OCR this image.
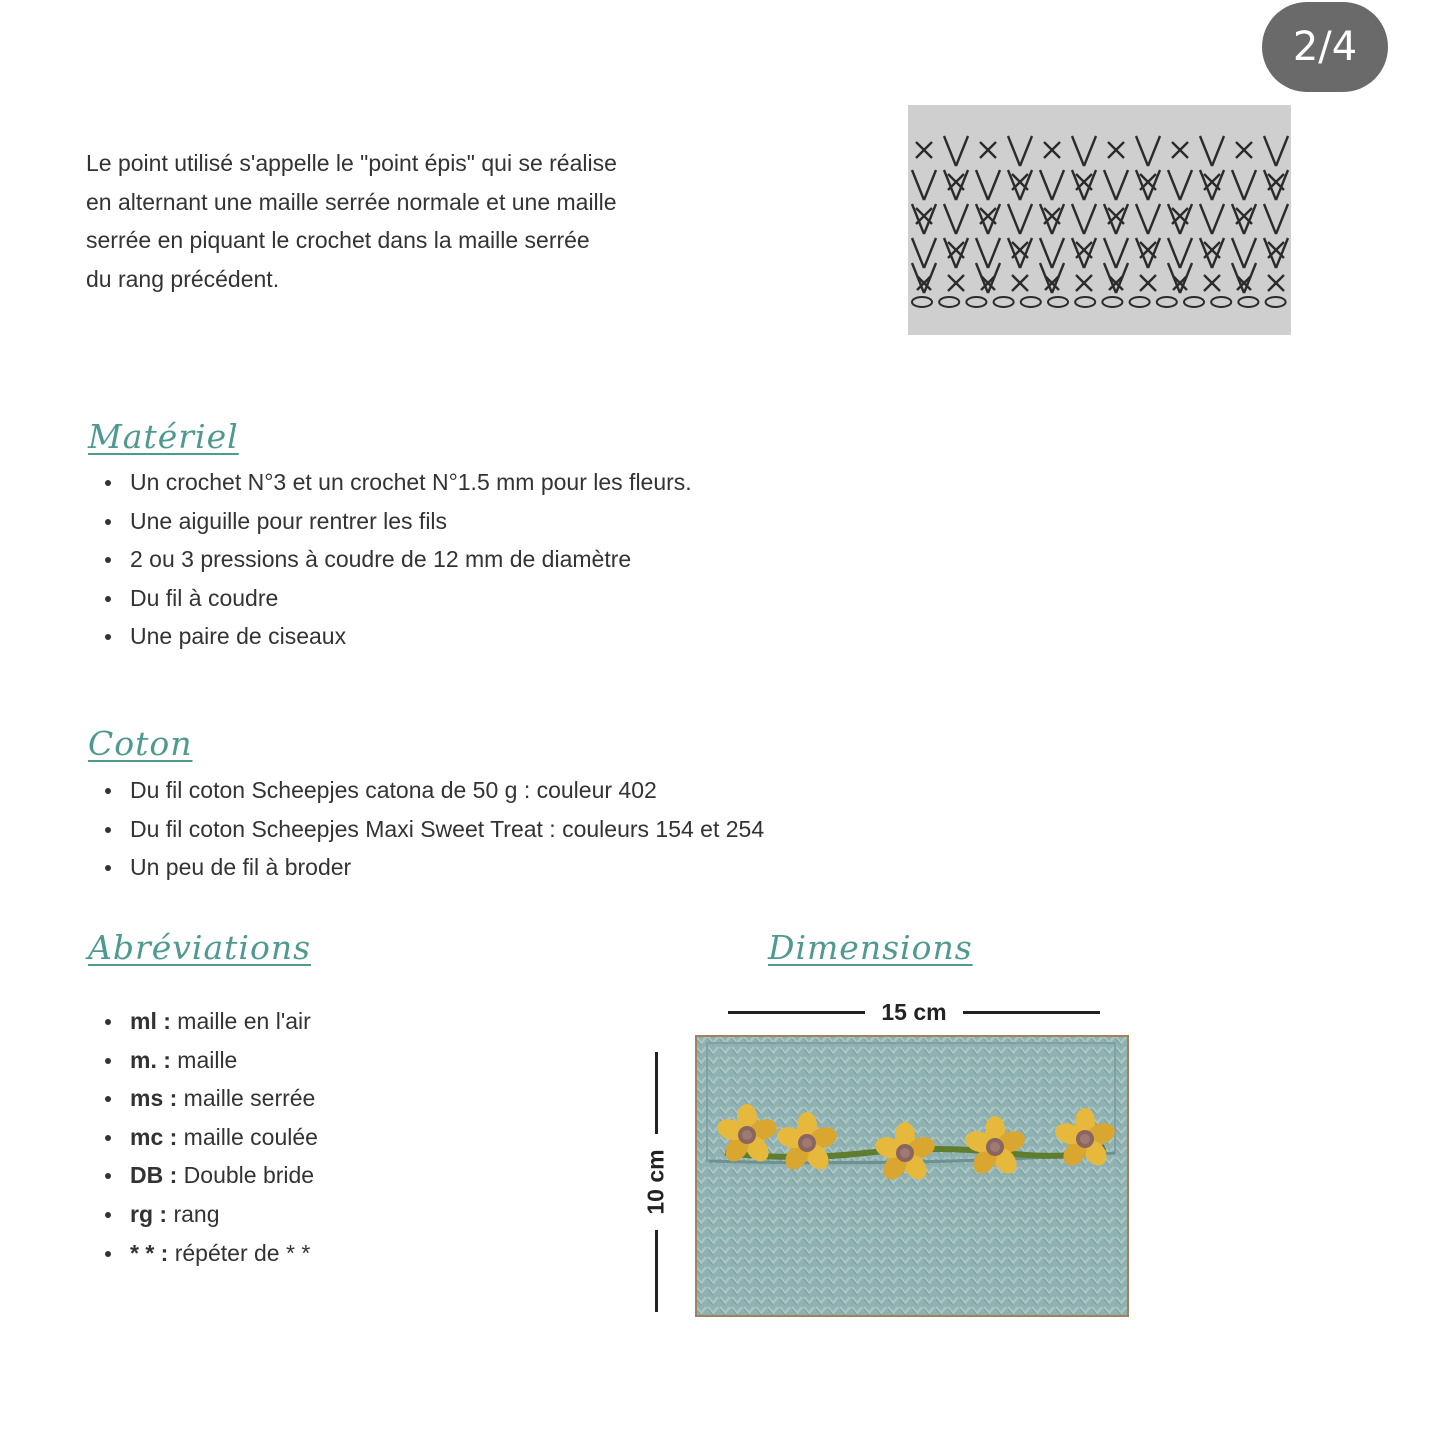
2/4
Le point utilisé s'appelle le "point épis" qui se réalise
en alternant une maille serrée normale et une maille
serrée en piquant le crochet dans la maille serrée
du rang précédent.
Matériel
Un crochet N°3 et un crochet N°1.5 mm pour les fleurs.
Une aiguille pour rentrer les fils
2 ou 3 pressions à coudre de 12 mm de diamètre
Du fil à coudre
Une paire de ciseaux
Coton
Du fil coton Scheepjes catona de 50 g : couleur 402
Du fil coton Scheepjes Maxi Sweet Treat : couleurs 154 et 254
Un peu de fil à broder
Abréviations
ml : maille en l'air
m. : maille
ms : maille serrée
mc : maille coulée
DB : Double bride
rg : rang
* * : répéter de * *
Dimensions
15 cm
10 cm
